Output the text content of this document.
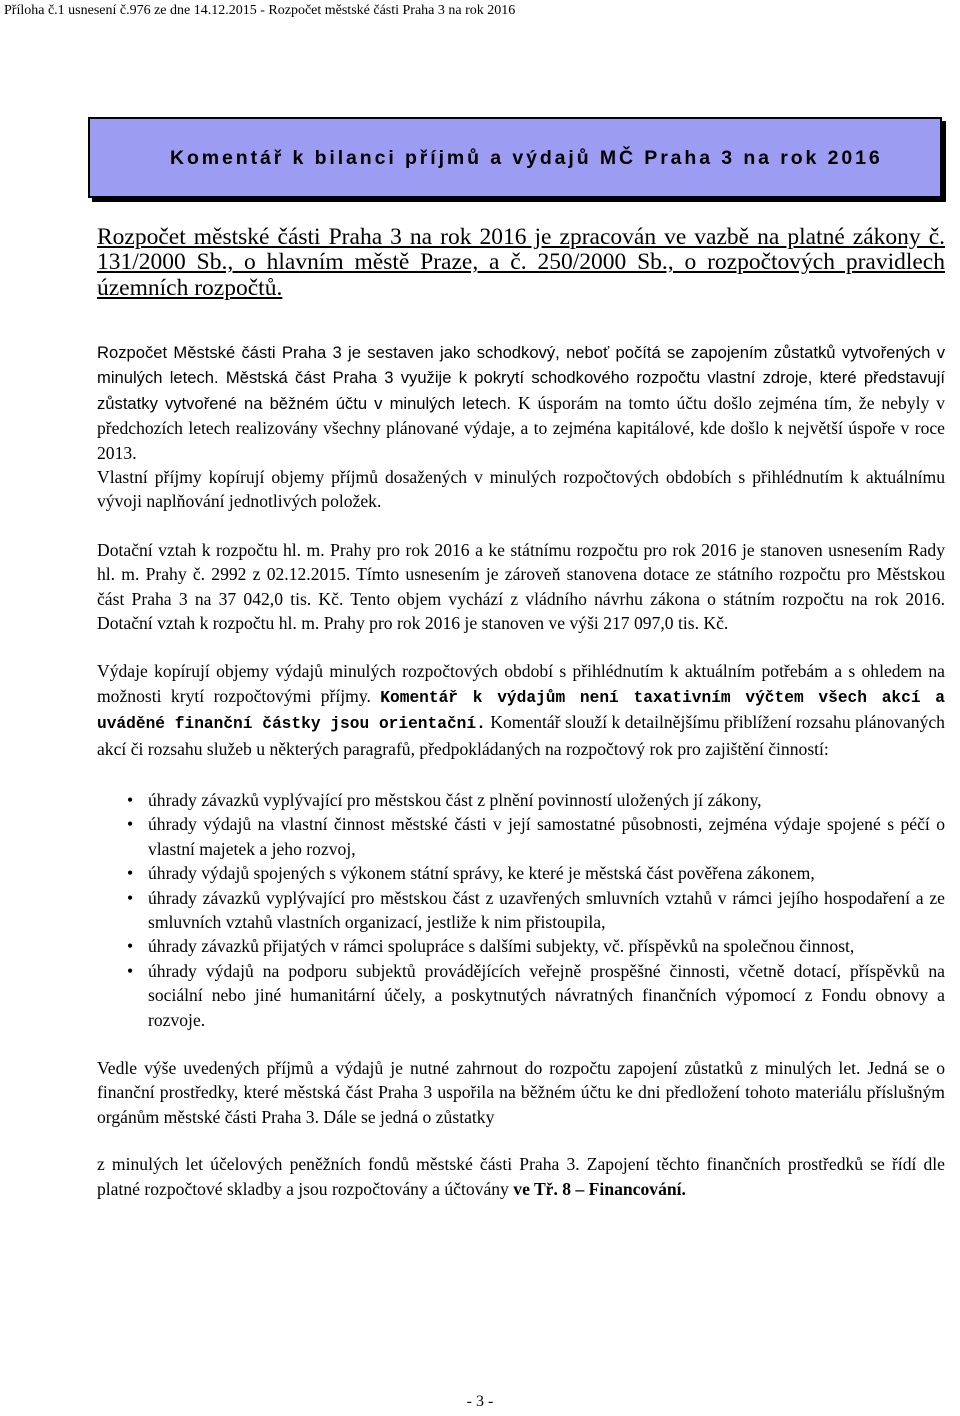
Příloha č.1 usnesení č.976 ze dne 14.12.2015 - Rozpočet městské části Praha 3 na rok 2016
Komentář k bilanci příjmů a výdajů MČ Praha 3 na rok 2016

Rozpočet městské části Praha 3 na rok 2016 je zpracován ve vazbě na platné zákony č. 131/2000 Sb., o hlavním městě Praze, a č. 250/2000 Sb., o rozpočtových pravidlech územních rozpočtů.

Rozpočet Městské části Praha 3 je sestaven jako schodkový, neboť počítá se zapojením zůstatků vytvořených v minulých letech. Městská část Praha 3 využije k pokrytí schodkového rozpočtu vlastní zdroje, které představují zůstatky vytvořené na běžném účtu v minulých letech. K úsporám na tomto účtu došlo zejména tím, že nebyly v předchozích letech realizovány všechny plánované výdaje, a to zejména kapitálové, kde došlo k největší úspoře v roce 2013.

Vlastní příjmy kopírují objemy příjmů dosažených v minulých rozpočtových obdobích s přihlédnutím k aktuálnímu vývoji naplňování jednotlivých položek.

Dotační vztah k rozpočtu hl. m. Prahy pro rok 2016 a ke státnímu rozpočtu pro rok 2016 je stanoven usnesením Rady hl. m. Prahy č. 2992 z 02.12.2015. Tímto usnesením je zároveň stanovena dotace ze státního rozpočtu pro Městskou část Praha 3 na 37 042,0 tis. Kč. Tento objem vychází z vládního návrhu zákona o státním rozpočtu na rok 2016. Dotační vztah k rozpočtu hl. m. Prahy pro rok 2016 je stanoven ve výši 217 097,0 tis. Kč.

Výdaje kopírují objemy výdajů minulých rozpočtových období s přihlédnutím k aktuálním potřebám a s ohledem na možnosti krytí rozpočtovými příjmy. Komentář k výdajům není taxativním výčtem všech akcí a uváděné finanční částky jsou orientační. Komentář slouží k detailnějšímu přiblížení rozsahu plánovaných akcí či rozsahu služeb u některých paragrafů, předpokládaných na rozpočtový rok pro zajištění činností:

• úhrady závazků vyplývající pro městskou část z plnění povinností uložených jí zákony,
• úhrady výdajů na vlastní činnost městské části v její samostatné působnosti, zejména výdaje spojené s péčí o vlastní majetek a jeho rozvoj,
• úhrady výdajů spojených s výkonem státní správy, ke které je městská část pověřena zákonem,
• úhrady závazků vyplývající pro městskou část z uzavřených smluvních vztahů v rámci jejího hospodaření a ze smluvních vztahů vlastních organizací, jestliže k nim přistoupila,
• úhrady závazků přijatých v rámci spolupráce s dalšími subjekty, vč. příspěvků na společnou činnost,
• úhrady výdajů na podporu subjektů provádějících veřejně prospěšné činnosti, včetně dotací, příspěvků na sociální nebo jiné humanitární účely, a poskytnutých návratných finančních výpomocí z Fondu obnovy a rozvoje.

Vedle výše uvedených příjmů a výdajů je nutné zahrnout do rozpočtu zapojení zůstatků z minulých let. Jedná se o finanční prostředky, které městská část Praha 3 uspořila na běžném účtu ke dni předložení tohoto materiálu příslušným orgánům městské části Praha 3. Dále se jedná o zůstatky

z minulých let účelových peněžních fondů městské části Praha 3. Zapojení těchto finančních prostředků se řídí dle platné rozpočtové skladby a jsou rozpočtovány a účtovány ve Tř. 8 – Financování.

- 3 -
